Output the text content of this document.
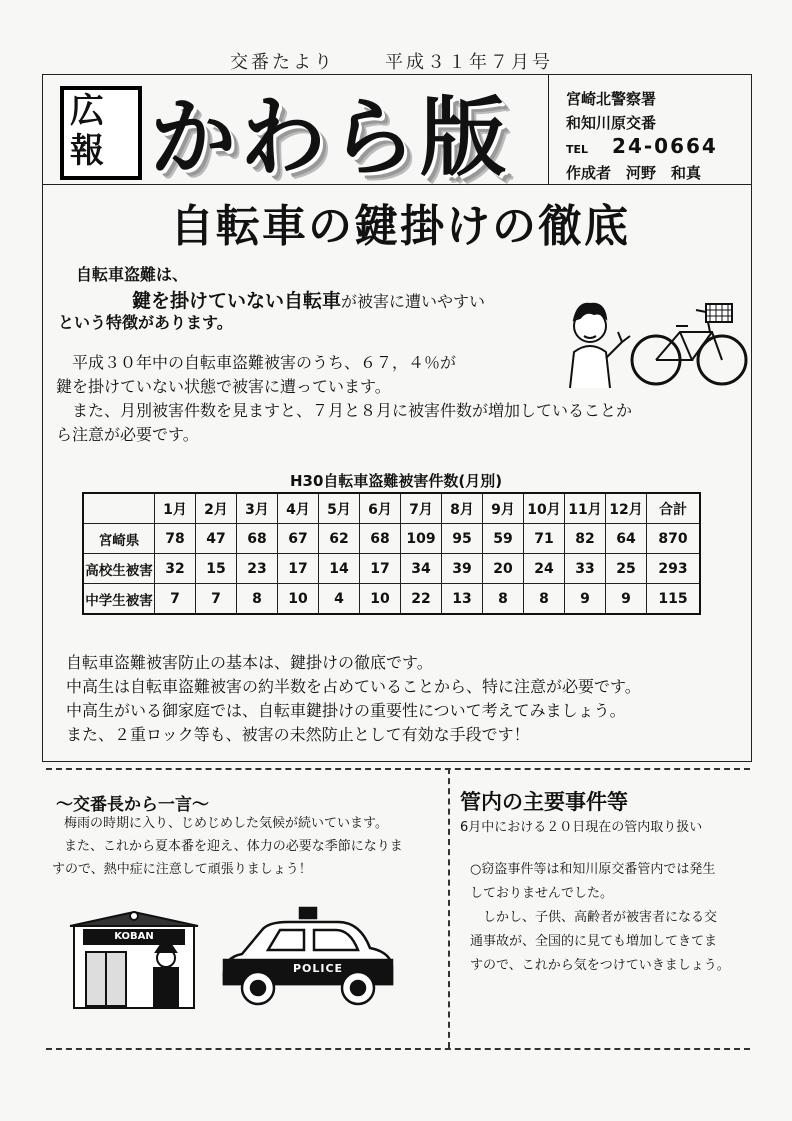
交番たより	平成３１年７月号
広
報 かわら版	宮崎北警察署
和知川原交番
TEL 24-0664
作成者　河野　和真
自転車の鍵掛けの徹底
自転車盗難は、
鍵を掛けていない自転車が被害に遭いやすい
という特徴があります。
　平成３０年中の自転車盗難被害のうち、６７，４％が
鍵を掛けていない状態で被害に遭っています。
　また、月別被害件数を見ますと、７月と８月に被害件数が増加していることか
ら注意が必要です。
H30自転車盗難被害件数(月別)
	1月	2月	3月	4月	5月	6月	7月	8月	9月	10月	11月	12月	合計
宮崎県	78	47	68	67	62	68	109	95	59	71	82	64	870
高校生被害	32	15	23	17	14	17	34	39	20	24	33	25	293
中学生被害	7	7	8	10	4	10	22	13	8	8	9	9	115
自転車盗難被害防止の基本は、鍵掛けの徹底です。
中高生は自転車盗難被害の約半数を占めていることから、特に注意が必要です。
中高生がいる御家庭では、自転車鍵掛けの重要性について考えてみましょう。
また、２重ロック等も、被害の未然防止として有効な手段です！
～交番長から一言～
梅雨の時期に入り、じめじめした気候が続いています。
また、これから夏本番を迎え、体力の必要な季節になりま
すので、熱中症に注意して頑張りましょう！
KOBAN
POLICE
管内の主要事件等
6月中における２０日現在の管内取り扱い
○窃盗事件等は和知川原交番管内では発生
しておりませんでした。
　しかし、子供、高齢者が被害者になる交
通事故が、全国的に見ても増加してきてま
すので、これから気をつけていきましょう。
